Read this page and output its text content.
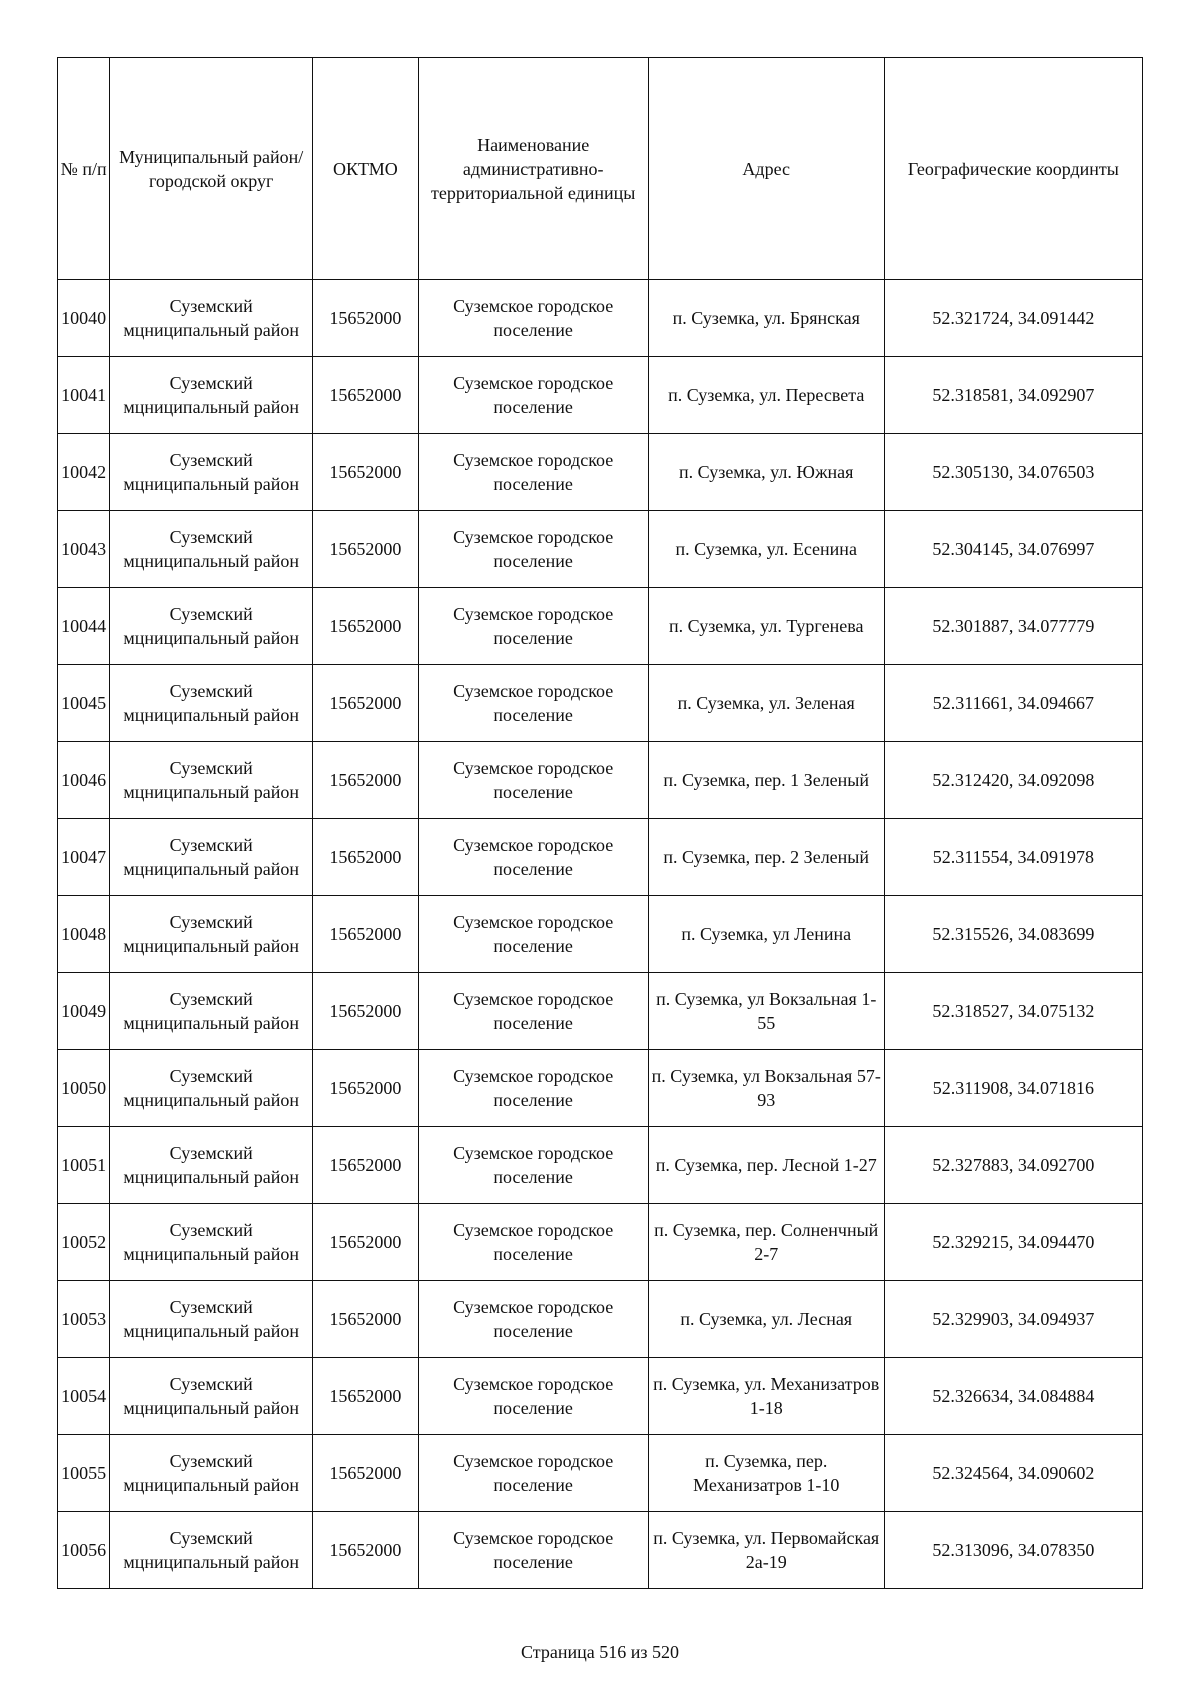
№ п/п	Муниципальный район/городской округ	ОКТМО	Наименование административно-территориальной единицы	Адрес	Географические координты
10040	Суземский мцниципальный район	15652000	Суземское городское поселение	п. Суземка, ул. Брянская	52.321724, 34.091442
10041	Суземский мцниципальный район	15652000	Суземское городское поселение	п. Суземка, ул. Пересвета	52.318581, 34.092907
10042	Суземский мцниципальный район	15652000	Суземское городское поселение	п. Суземка, ул. Южная	52.305130, 34.076503
10043	Суземский мцниципальный район	15652000	Суземское городское поселение	п. Суземка, ул. Есенина	52.304145, 34.076997
10044	Суземский мцниципальный район	15652000	Суземское городское поселение	п. Суземка, ул. Тургенева	52.301887, 34.077779
10045	Суземский мцниципальный район	15652000	Суземское городское поселение	п. Суземка, ул. Зеленая	52.311661, 34.094667
10046	Суземский мцниципальный район	15652000	Суземское городское поселение	п. Суземка, пер. 1 Зеленый	52.312420, 34.092098
10047	Суземский мцниципальный район	15652000	Суземское городское поселение	п. Суземка, пер. 2 Зеленый	52.311554, 34.091978
10048	Суземский мцниципальный район	15652000	Суземское городское поселение	п. Суземка, ул Ленина	52.315526, 34.083699
10049	Суземский мцниципальный район	15652000	Суземское городское поселение	п. Суземка, ул Вокзальная 1-55	52.318527, 34.075132
10050	Суземский мцниципальный район	15652000	Суземское городское поселение	п. Суземка, ул Вокзальная 57-93	52.311908, 34.071816
10051	Суземский мцниципальный район	15652000	Суземское городское поселение	п. Суземка, пер. Лесной 1-27	52.327883, 34.092700
10052	Суземский мцниципальный район	15652000	Суземское городское поселение	п. Суземка, пер. Солненчный 2-7	52.329215, 34.094470
10053	Суземский мцниципальный район	15652000	Суземское городское поселение	п. Суземка, ул. Лесная	52.329903, 34.094937
10054	Суземский мцниципальный район	15652000	Суземское городское поселение	п. Суземка, ул. Механизатров 1-18	52.326634, 34.084884
10055	Суземский мцниципальный район	15652000	Суземское городское поселение	п. Суземка, пер. Механизатров 1-10	52.324564, 34.090602
10056	Суземский мцниципальный район	15652000	Суземское городское поселение	п. Суземка, ул. Первомайская 2а-19	52.313096, 34.078350
Страница 516 из 520
